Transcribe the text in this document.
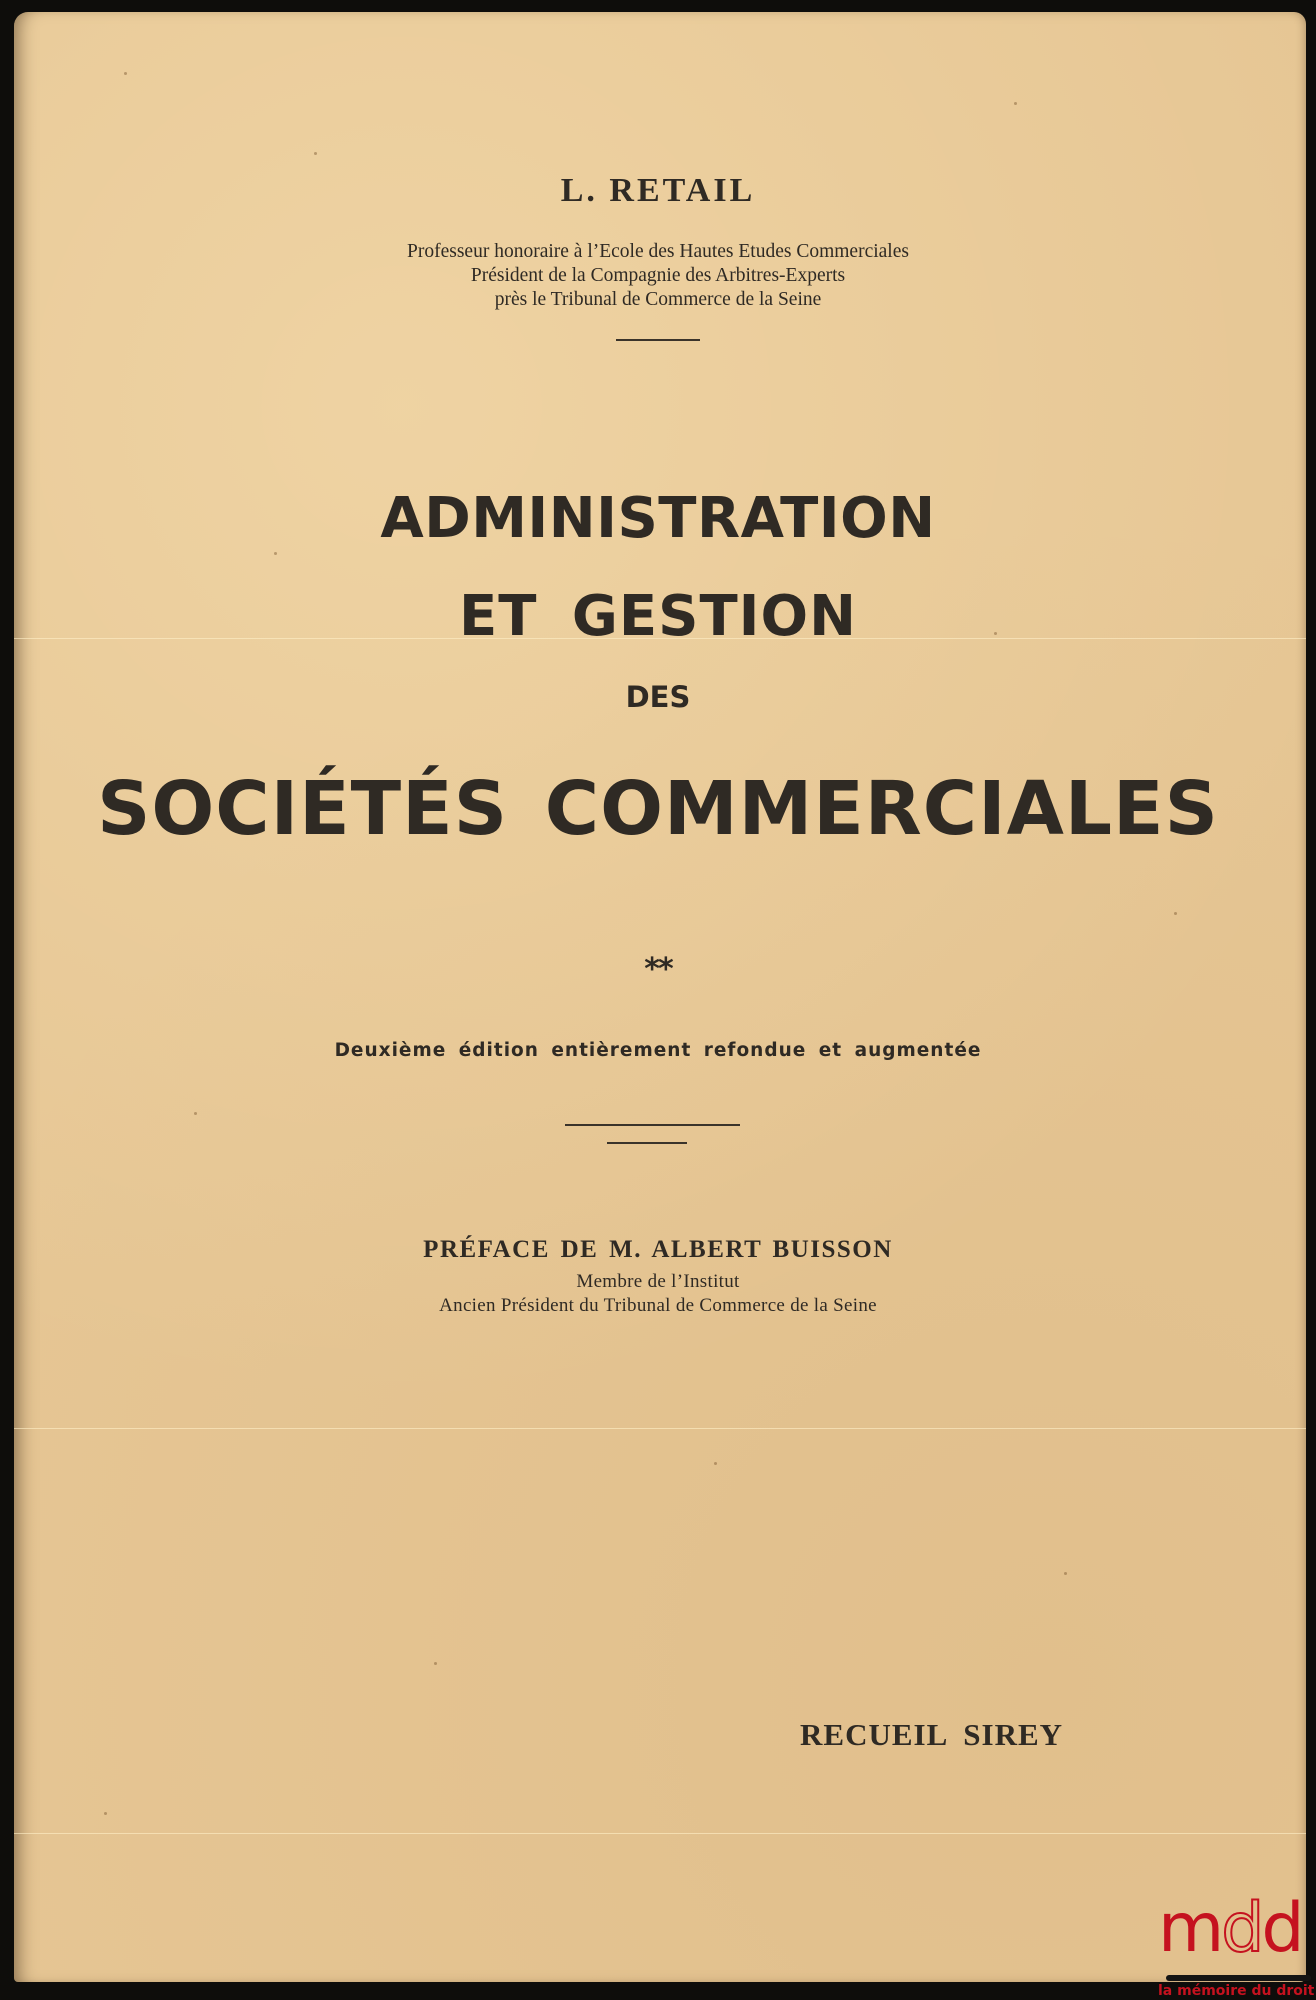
L. RETAIL
Professeur honoraire à l’Ecole des Hautes Etudes Commerciales
Président de la Compagnie des Arbitres-Experts
près le Tribunal de Commerce de la Seine
ADMINISTRATION
ET GESTION
DES
SOCIÉTÉS COMMERCIALES
**
Deuxième édition entièrement refondue et augmentée
PRÉFACE DE M. ALBERT BUISSON
Membre de l’Institut
Ancien Président du Tribunal de Commerce de la Seine
RECUEIL SIREY
mdd
la mémoire du droit
